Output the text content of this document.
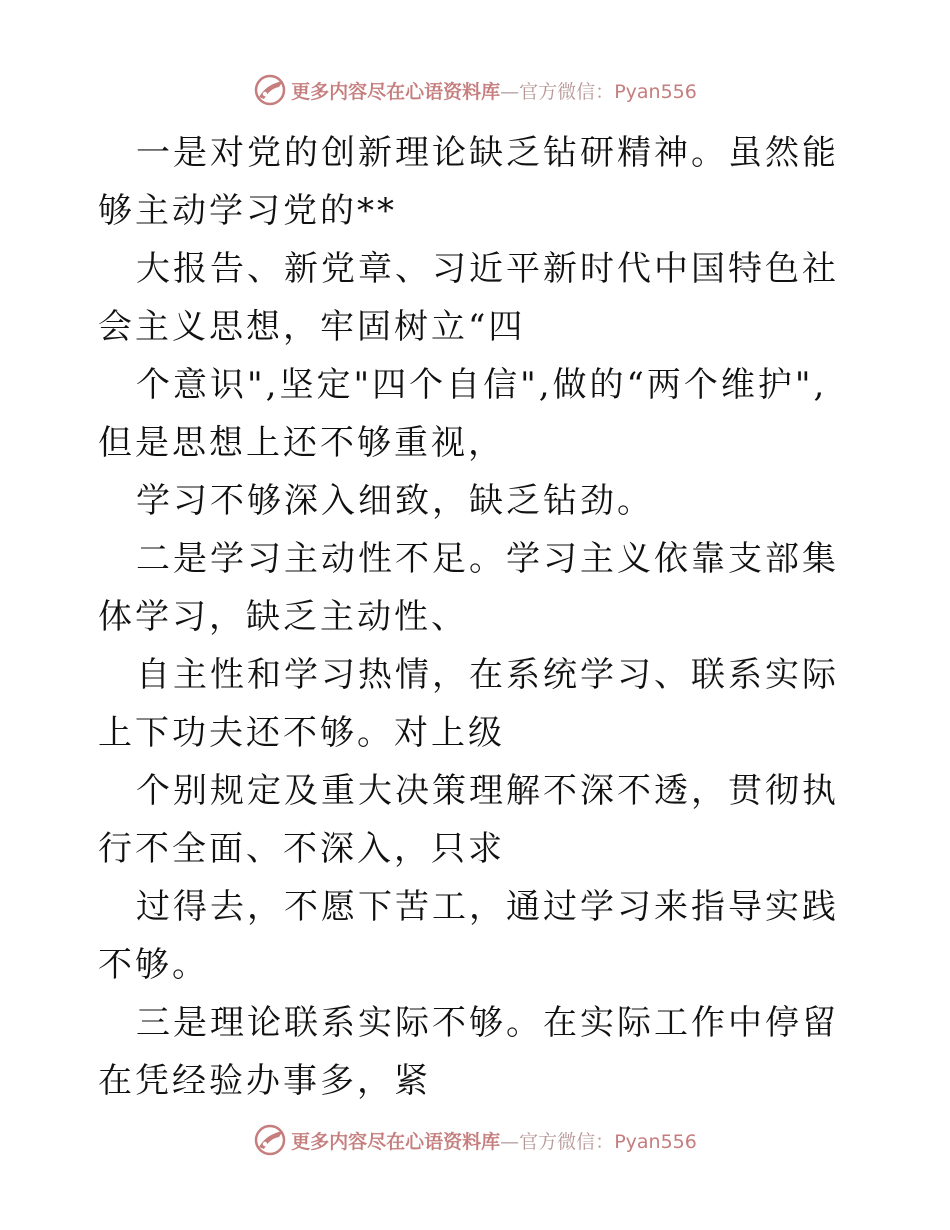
更多内容尽在心语资料库—官方微信：Pyan556

一是对党的创新理论缺乏钻研精神。虽然能够主动学习党的**

大报告、新党章、习近平新时代中国特色社会主义思想，牢固树立“四

个意识",坚定"四个自信",做的“两个维护",但是思想上还不够重视，

学习不够深入细致，缺乏钻劲。

二是学习主动性不足。学习主义依靠支部集体学习，缺乏主动性、

自主性和学习热情，在系统学习、联系实际上下功夫还不够。对上级

个别规定及重大决策理解不深不透，贯彻执行不全面、不深入，只求

过得去，不愿下苦工，通过学习来指导实践不够。

三是理论联系实际不够。在实际工作中停留在凭经验办事多，紧

更多内容尽在心语资料库—官方微信：Pyan556
